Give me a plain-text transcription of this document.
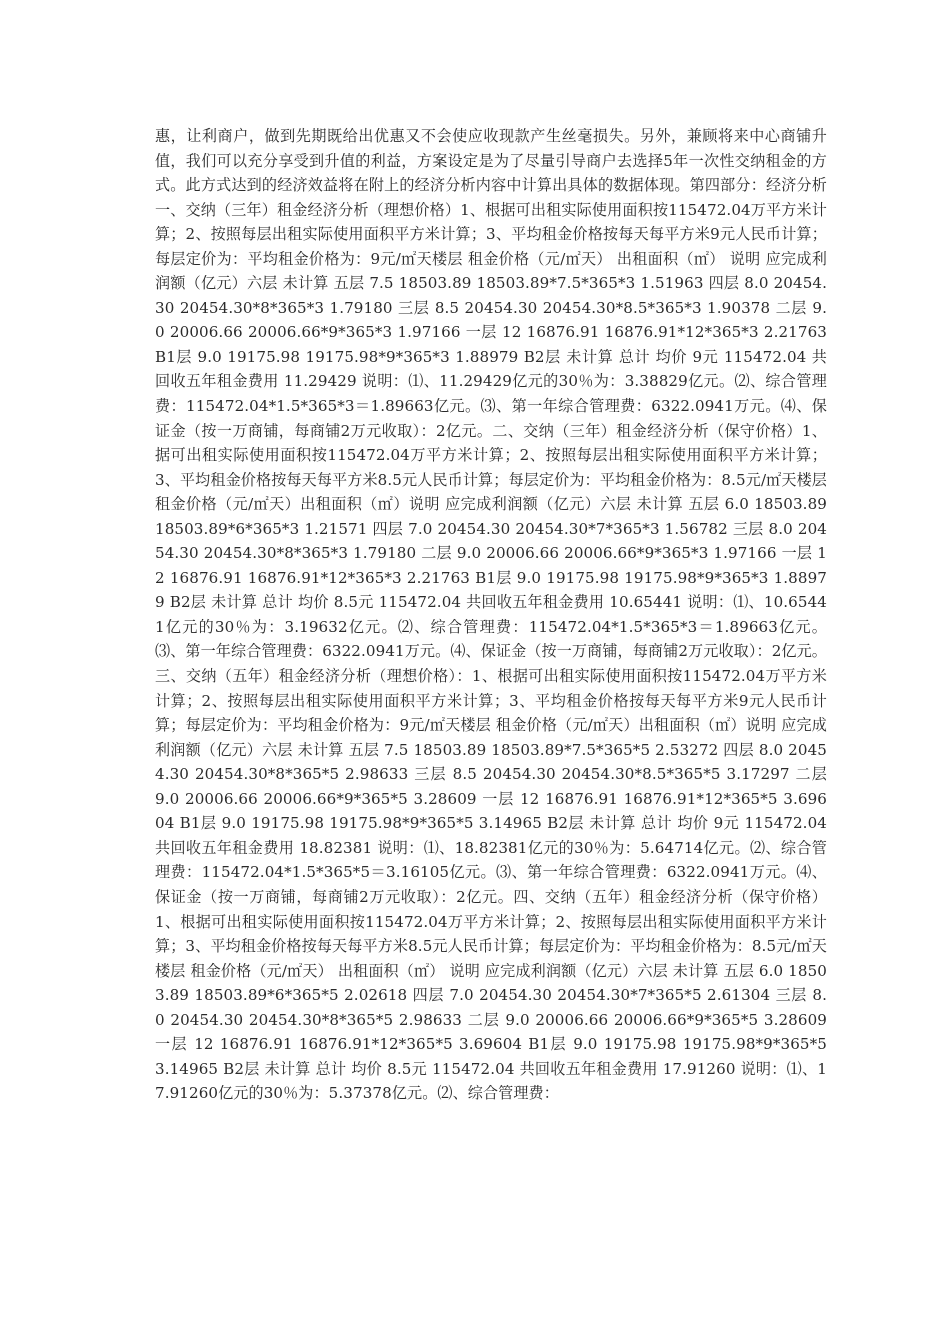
惠，让利商户，做到先期既给出优惠又不会使应收现款产生丝毫损失。另外，兼顾将来中心商铺升值，我们可以充分享受到升值的利益，方案设定是为了尽量引导商户去选择5年一次性交纳租金的方式。此方式达到的经济效益将在附上的经济分析内容中计算出具体的数据体现。第四部分：经济分析一、交纳（三年）租金经济分析（理想价格）1、根据可出租实际使用面积按115472.04万平方米计算；2、按照每层出租实际使用面积平方米计算；3、平均租金价格按每天每平方米9元人民币计算；每层定价为：平均租金价格为：9元/㎡天楼层 租金价格（元/㎡天） 出租面积（㎡） 说明 应完成利润额（亿元）六层 未计算 五层 7.5 18503.89 18503.89*7.5*365*3 1.51963 四层 8.0 20454.30 20454.30*8*365*3 1.79180 三层 8.5 20454.30 20454.30*8.5*365*3 1.90378 二层 9.0 20006.66 20006.66*9*365*3 1.97166 一层 12 16876.91 16876.91*12*365*3 2.21763 B1层 9.0 19175.98 19175.98*9*365*3 1.88979 B2层 未计算 总计 均价 9元 115472.04 共回收五年租金费用 11.29429 说明：⑴、11.29429亿元的30％为：3.38829亿元。⑵、综合管理费：115472.04*1.5*365*3＝1.89663亿元。⑶、第一年综合管理费：6322.0941万元。⑷、保证金（按一万商铺，每商铺2万元收取）：2亿元。二、交纳（三年）租金经济分析（保守价格）1、据可出租实际使用面积按115472.04万平方米计算；2、按照每层出租实际使用面积平方米计算；3、平均租金价格按每天每平方米8.5元人民币计算；每层定价为：平均租金价格为：8.5元/㎡天楼层 租金价格（元/㎡天）出租面积（㎡）说明 应完成利润额（亿元）六层 未计算 五层 6.0 18503.89 18503.89*6*365*3 1.21571 四层 7.0 20454.30 20454.30*7*365*3 1.56782 三层 8.0 20454.30 20454.30*8*365*3 1.79180 二层 9.0 20006.66 20006.66*9*365*3 1.97166 一层 12 16876.91 16876.91*12*365*3 2.21763 B1层 9.0 19175.98 19175.98*9*365*3 1.88979 B2层 未计算 总计 均价 8.5元 115472.04 共回收五年租金费用 10.65441 说明：⑴、10.65441亿元的30％为：3.19632亿元。⑵、综合管理费：115472.04*1.5*365*3＝1.89663亿元。⑶、第一年综合管理费：6322.0941万元。⑷、保证金（按一万商铺，每商铺2万元收取）：2亿元。三、交纳（五年）租金经济分析（理想价格）：1、根据可出租实际使用面积按115472.04万平方米计算；2、按照每层出租实际使用面积平方米计算；3、平均租金价格按每天每平方米9元人民币计算；每层定价为：平均租金价格为：9元/㎡天楼层 租金价格（元/㎡天）出租面积（㎡）说明 应完成利润额（亿元）六层 未计算 五层 7.5 18503.89 18503.89*7.5*365*5 2.53272 四层 8.0 20454.30 20454.30*8*365*5 2.98633 三层 8.5 20454.30 20454.30*8.5*365*5 3.17297 二层 9.0 20006.66 20006.66*9*365*5 3.28609 一层 12 16876.91 16876.91*12*365*5 3.69604 B1层 9.0 19175.98 19175.98*9*365*5 3.14965 B2层 未计算 总计 均价 9元 115472.04 共回收五年租金费用 18.82381 说明：⑴、18.82381亿元的30％为：5.64714亿元。⑵、综合管理费：115472.04*1.5*365*5＝3.16105亿元。⑶、第一年综合管理费：6322.0941万元。⑷、保证金（按一万商铺，每商铺2万元收取）：2亿元。四、交纳（五年）租金经济分析（保守价格）1、根据可出租实际使用面积按115472.04万平方米计算；2、按照每层出租实际使用面积平方米计算；3、平均租金价格按每天每平方米8.5元人民币计算；每层定价为：平均租金价格为：8.5元/㎡天楼层 租金价格（元/㎡天） 出租面积（㎡） 说明 应完成利润额（亿元）六层 未计算 五层 6.0 18503.89 18503.89*6*365*5 2.02618 四层 7.0 20454.30 20454.30*7*365*5 2.61304 三层 8.0 20454.30 20454.30*8*365*5 2.98633 二层 9.0 20006.66 20006.66*9*365*5 3.28609 一层 12 16876.91 16876.91*12*365*5 3.69604 B1层 9.0 19175.98 19175.98*9*365*5 3.14965 B2层 未计算 总计 均价 8.5元 115472.04 共回收五年租金费用 17.91260 说明：⑴、17.91260亿元的30％为：5.37378亿元。⑵、综合管理费：
